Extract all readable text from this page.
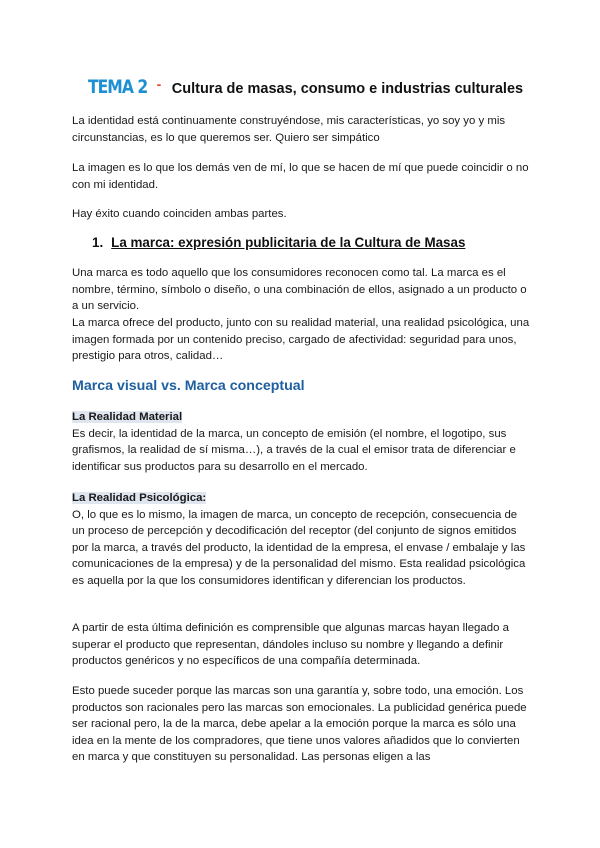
TEMA 2 - Cultura de masas, consumo e industrias culturales

La identidad está continuamente construyéndose, mis características, yo soy yo y mis circunstancias, es lo que queremos ser. Quiero ser simpático

La imagen es lo que los demás ven de mí, lo que se hacen de mí que puede coincidir o no con mi identidad.

Hay éxito cuando coinciden ambas partes.

1. La marca: expresión publicitaria de la Cultura de Masas

Una marca es todo aquello que los consumidores reconocen como tal. La marca es el nombre, término, símbolo o diseño, o una combinación de ellos, asignado a un producto o a un servicio.

La marca ofrece del producto, junto con su realidad material, una realidad psicológica, una imagen formada por un contenido preciso, cargado de afectividad: seguridad para unos, prestigio para otros, calidad…

Marca visual vs. Marca conceptual
La Realidad Material
Es decir, la identidad de la marca, un concepto de emisión (el nombre, el logotipo, sus grafismos, la realidad de sí misma…), a través de la cual el emisor trata de diferenciar e identificar sus productos para su desarrollo en el mercado.
La Realidad Psicológica:
O, lo que es lo mismo, la imagen de marca, un concepto de recepción, consecuencia de un proceso de percepción y decodificación del receptor (del conjunto de signos emitidos por la marca, a través del producto, la identidad de la empresa, el envase / embalaje y las comunicaciones de la empresa) y de la personalidad del mismo. Esta realidad psicológica es aquella por la que los consumidores identifican y diferencian los productos.

A partir de esta última definición es comprensible que algunas marcas hayan llegado a superar el producto que representan, dándoles incluso su nombre y llegando a definir productos genéricos y no específicos de una compañía determinada.

Esto puede suceder porque las marcas son una garantía y, sobre todo, una emoción. Los productos son racionales pero las marcas son emocionales. La publicidad genérica puede ser racional pero, la de la marca, debe apelar a la emoción porque la marca es sólo una idea en la mente de los compradores, que tiene unos valores añadidos que lo convierten en marca y que constituyen su personalidad. Las personas eligen a las
